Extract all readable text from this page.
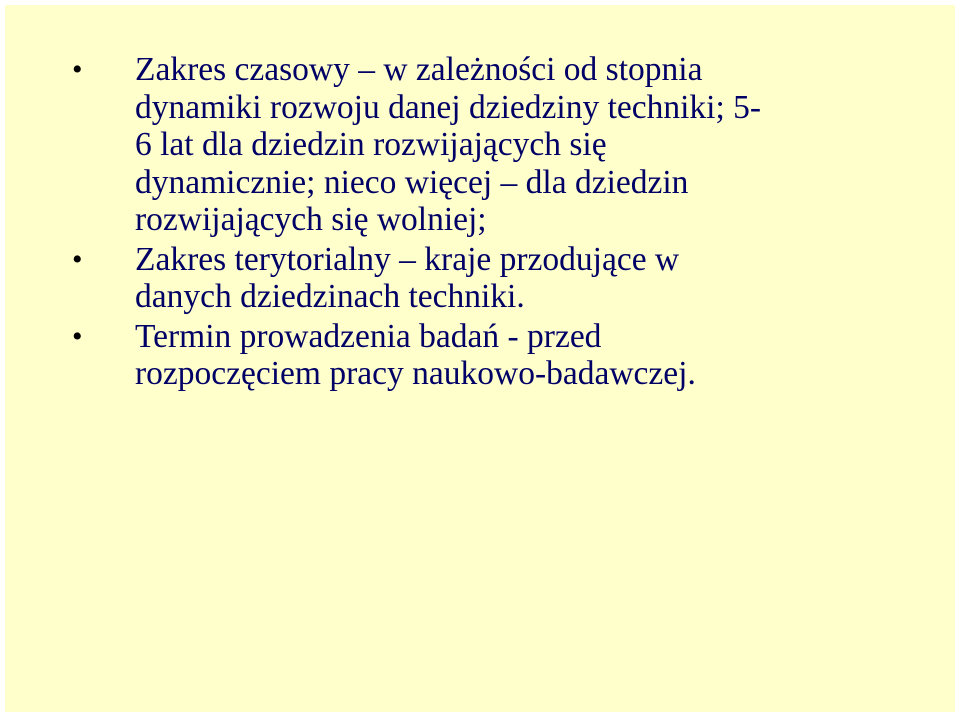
• Zakres czasowy – w zależności od stopnia
dynamiki rozwoju danej dziedziny techniki; 5-
6 lat dla dziedzin rozwijających się
dynamicznie; nieco więcej – dla dziedzin
rozwijających się wolniej;
• Zakres terytorialny – kraje przodujące w
danych dziedzinach techniki.
• Termin prowadzenia badań - przed
rozpoczęciem pracy naukowo-badawczej.
